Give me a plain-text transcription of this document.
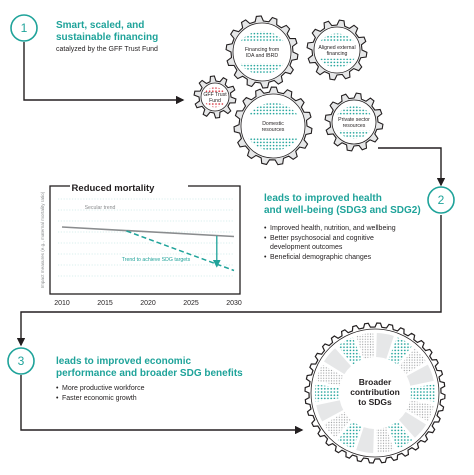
1
2
3
Smart, scaled, and
sustainable financing
catalyzed by the GFF Trust Fund
leads to improved health
and well-being (SDG3 and SDG2)
• Improved health, nutrition, and wellbeing
• Better psychosocial and cognitive
development outcomes
• Beneficial demographic changes
leads to improved economic
performance and broader SDG benefits
• More productive workforce
• Faster economic growth
Financing from
IDA and IBRD
Aligned external
financing
GFF Trust
Fund
Domestic
resources
Private sector
resources
Reduced mortality
Impact measures (e.g., maternal mortality ratio)	Secular trend
Trend to achieve SDG targets
2010	2015	2020	2025	2030
Broader
contribution
to SDGs
